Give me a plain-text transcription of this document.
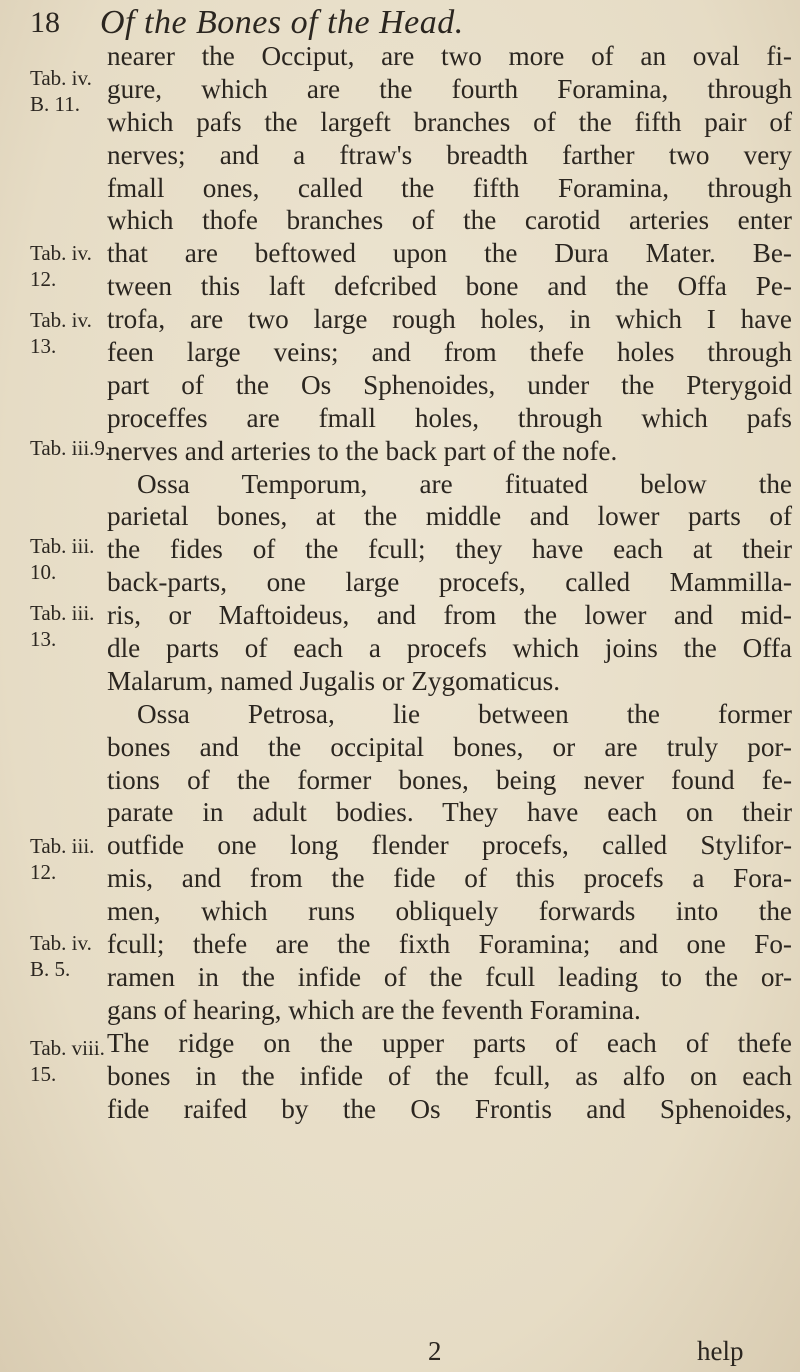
18 Of the Bones of the Head.
Tab. iv.
B. 11.
Tab. iv.
12.
Tab. iv.
13.
Tab. iii.9.
Tab. iii.
10.
Tab. iii.
13.
Tab. iii.
12.
Tab. iv.
B. 5.
Tab. viii.
15.
nearer the Occiput, are two more of an oval fi-
gure, which are the fourth Foramina, through
which pafs the largeft branches of the fifth pair of
nerves; and a ftraw's breadth farther two very
fmall ones, called the fifth Foramina, through
which thofe branches of the carotid arteries enter
that are beftowed upon the Dura Mater. Be-
tween this laft defcribed bone and the Offa Pe-
trofa, are two large rough holes, in which I have
feen large veins; and from thefe holes through
part of the Os Sphenoides, under the Pterygoid
proceffes are fmall holes, through which pafs
nerves and arteries to the back part of the nofe.
Ossa Temporum, are fituated below the
parietal bones, at the middle and lower parts of
the fides of the fcull; they have each at their
back-parts, one large procefs, called Mammilla-
ris, or Maftoideus, and from the lower and mid-
dle parts of each a procefs which joins the Offa
Malarum, named Jugalis or Zygomaticus.
Ossa Petrosa, lie between the former
bones and the occipital bones, or are truly por-
tions of the former bones, being never found fe-
parate in adult bodies. They have each on their
outfide one long flender procefs, called Stylifor-
mis, and from the fide of this procefs a Fora-
men, which runs obliquely forwards into the
fcull; thefe are the fixth Foramina; and one Fo-
ramen in the infide of the fcull leading to the or-
gans of hearing, which are the feventh Foramina.
The ridge on the upper parts of each of thefe
bones in the infide of the fcull, as alfo on each
fide raifed by the Os Frontis and Sphenoides,
2	help
